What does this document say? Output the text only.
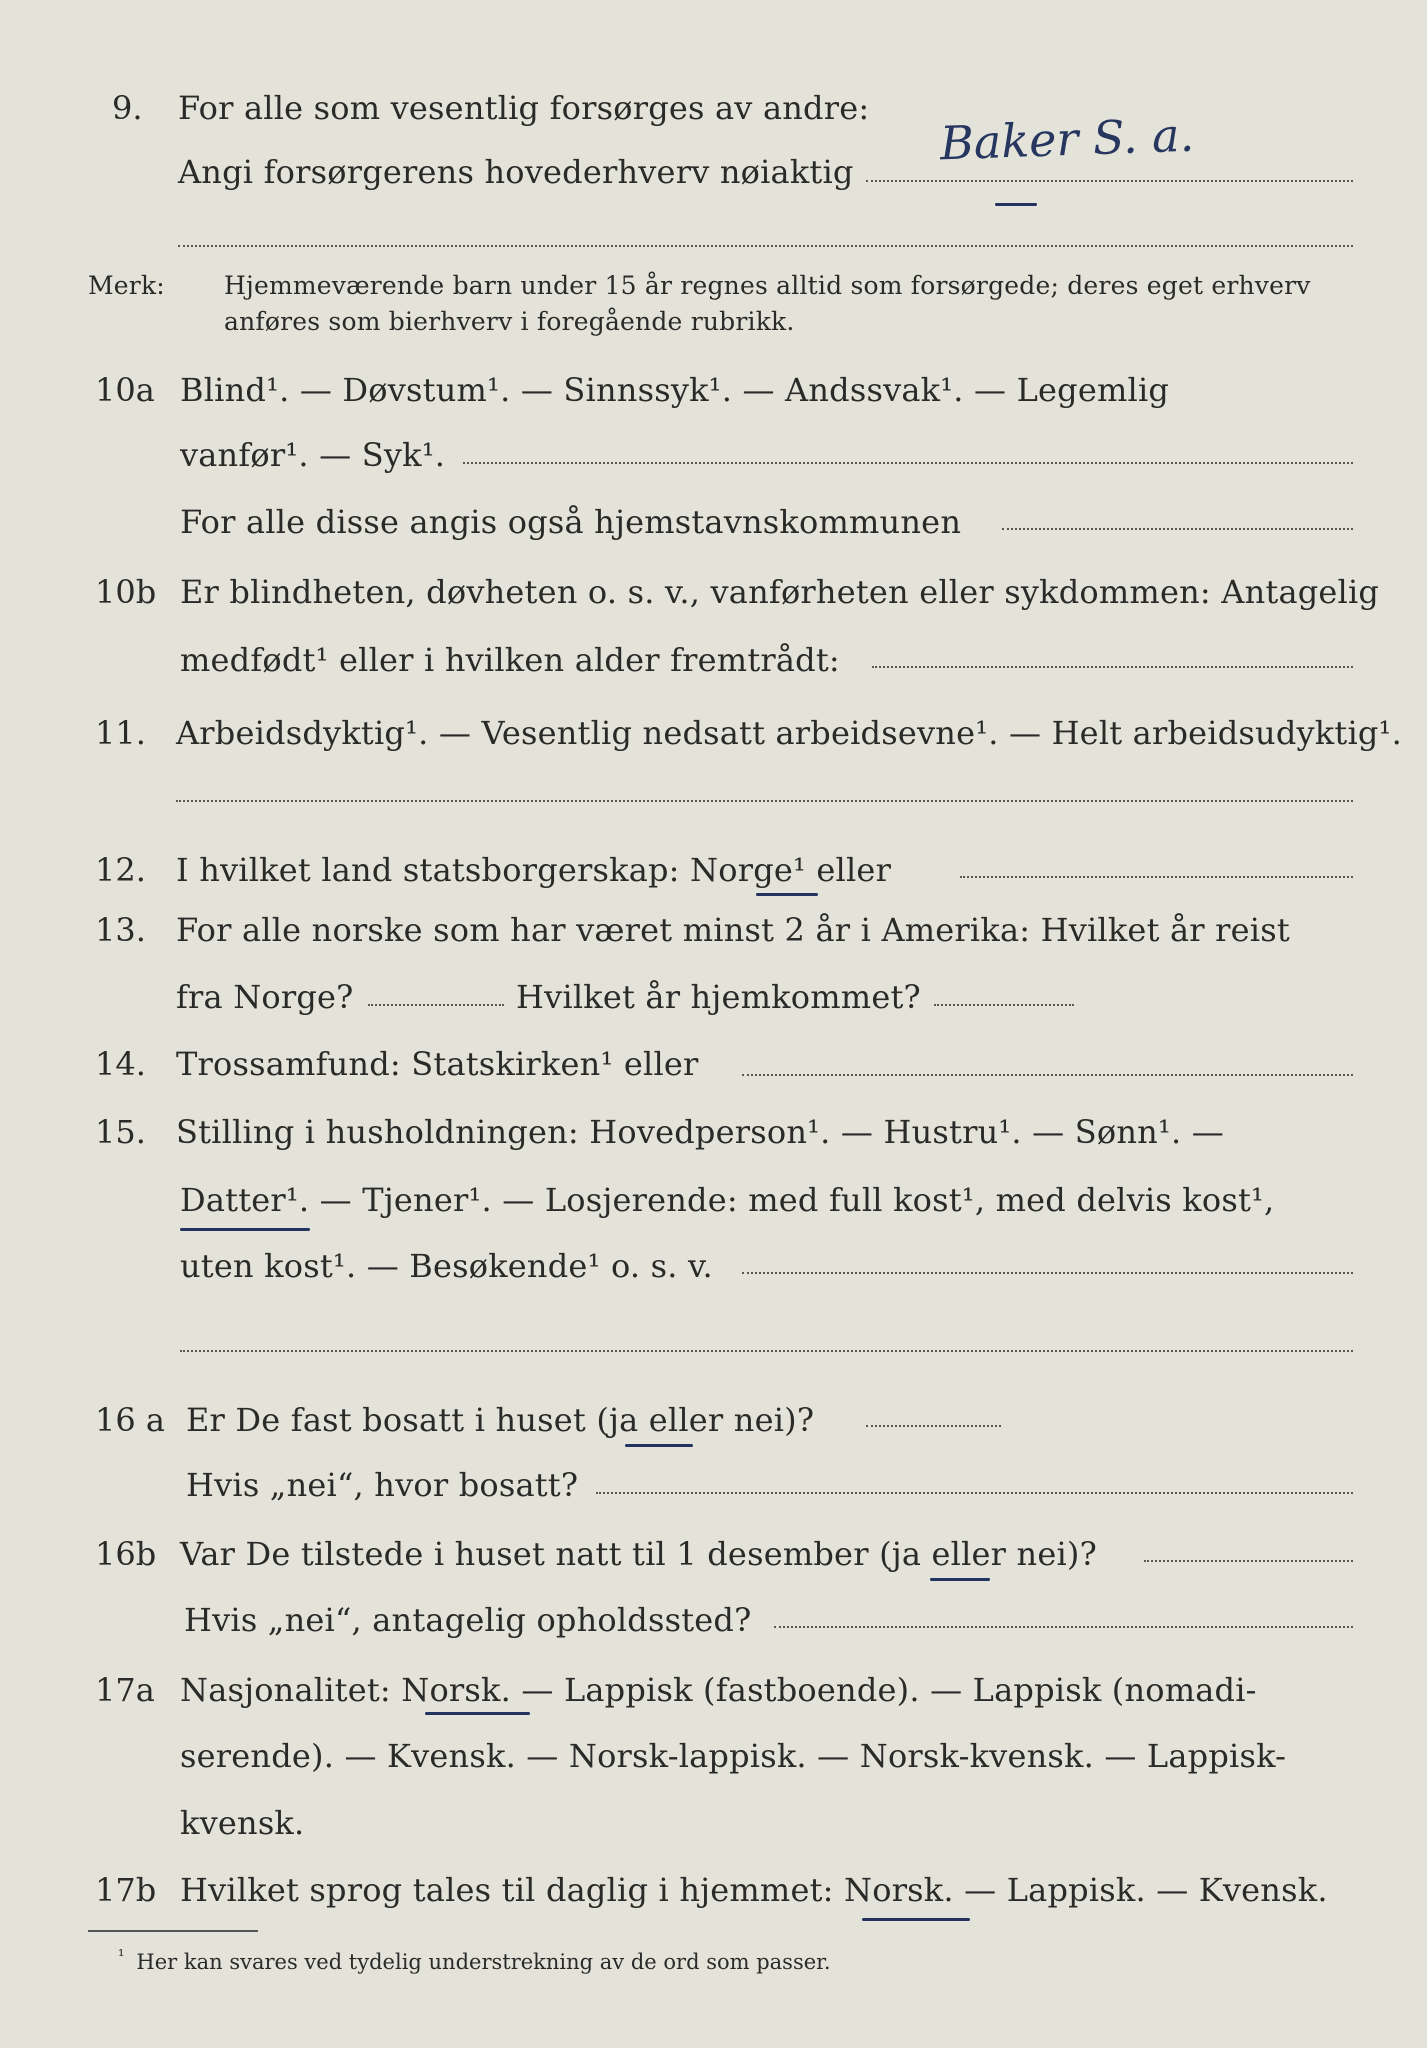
9. For alle som vesentlig forsørges av andre:
Angi forsørgerens hovederhverv nøiaktig
Baker S. a.
Merk: Hjemmeværende barn under 15 år regnes alltid som forsørgede; deres eget erhverv
anføres som bierhverv i foregående rubrikk.
10a Blind¹. — Døvstum¹. — Sinnssyk¹. — Andssvak¹. — Legemlig
vanfør¹. — Syk¹.
For alle disse angis også hjemstavnskommunen
10b Er blindheten, døvheten o. s. v., vanførheten eller sykdommen: Antagelig
medfødt¹ eller i hvilken alder fremtrådt:
11. Arbeidsdyktig¹. — Vesentlig nedsatt arbeidsevne¹. — Helt arbeidsudyktig¹.
12. I hvilket land statsborgerskap: Norge¹ eller
13. For alle norske som har været minst 2 år i Amerika: Hvilket år reist
fra Norge?	Hvilket år hjemkommet?
14. Trossamfund: Statskirken¹ eller
15. Stilling i husholdningen: Hovedperson¹. — Hustru¹. — Sønn¹. —
Datter¹. — Tjener¹. — Losjerende: med full kost¹, med delvis kost¹,
uten kost¹. — Besøkende¹ o. s. v.
16 a Er De fast bosatt i huset (ja eller nei)?
Hvis „nei“, hvor bosatt?
16b Var De tilstede i huset natt til 1 desember (ja eller nei)?
Hvis „nei“, antagelig opholdssted?
17a Nasjonalitet: Norsk. — Lappisk (fastboende). — Lappisk (nomadi-
serende). — Kvensk. — Norsk-lappisk. — Norsk-kvensk. — Lappisk-
kvensk.
17b Hvilket sprog tales til daglig i hjemmet: Norsk. — Lappisk. — Kvensk.
$^{^1}$ Her kan svares ved tydelig understrekning av de ord som passer.
